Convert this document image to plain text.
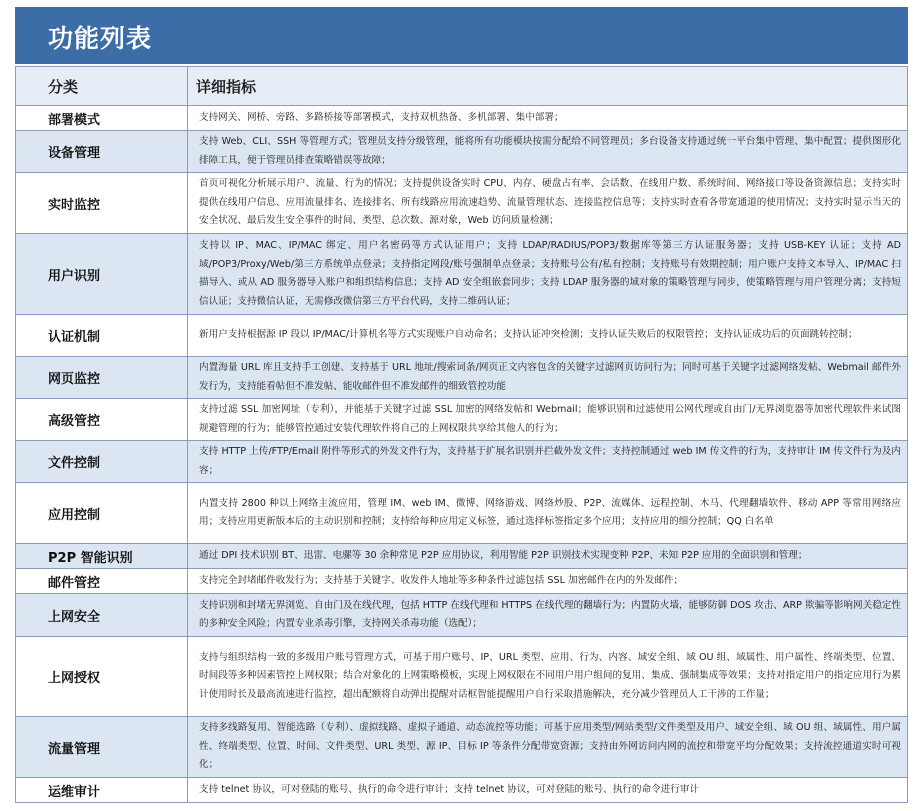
功能列表
分类	详细指标
部署模式	支持网关、网桥、旁路、多路桥接等部署模式，支持双机热备、多机部署、集中部署；
设备管理	支持 Web、CLI、SSH 等管理方式；管理员支持分级管理，能将所有功能模块按需分配给不同管理员；多台设备支持通过统一平台集中管理、集中配置；提供图形化排障工具，便于管理员排查策略错误等故障；
实时监控	首页可视化分析展示用户、流量、行为的情况；支持提供设备实时 CPU、内存、硬盘占有率、会话数、在线用户数、系统时间、网络接口等设备资源信息；支持实时提供在线用户信息、应用流量排名、连接排名、所有线路应用流速趋势、流量管理状态、连接监控信息等；支持实时查看各带宽通道的使用情况；支持实时显示当天的安全状况、最后发生安全事件的时间、类型、总次数、源对象，Web 访问质量检测；
用户识别	支持以 IP、MAC、IP/MAC 绑定、用户名密码等方式认证用户；支持 LDAP/RADIUS/POP3/数据库等第三方认证服务器；支持 USB-KEY 认证；支持 AD 域/POP3/Proxy/Web/第三方系统单点登录；支持指定网段/账号强制单点登录；支持账号公有/私有控制；支持账号有效期控制；用户账户支持文本导入、IP/MAC 扫描导入、或从 AD 服务器导入账户和组织结构信息；支持 AD 安全组嵌套同步；支持 LDAP 服务器的域对象的策略管理与同步，使策略管理与用户管理分离；支持短信认证；支持微信认证，无需修改微信第三方平台代码，支持二维码认证；
认证机制	新用户支持根据源 IP 段以 IP/MAC/计算机名等方式实现账户自动命名；支持认证冲突检测；支持认证失败后的权限管控；支持认证成功后的页面跳转控制；
网页监控	内置海量 URL 库且支持手工创建、支持基于 URL 地址/搜索词条/网页正文内容包含的关键字过滤网页访问行为；同时可基于关键字过滤网络发帖、Webmail 邮件外发行为，支持能看帖但不准发帖、能收邮件但不准发邮件的细致管控功能
高级管控	支持过滤 SSL 加密网址（专利），并能基于关键字过滤 SSL 加密的网络发帖和 Webmail；能够识别和过滤使用公网代理或自由门/无界浏览器等加密代理软件来试图规避管理的行为；能够管控通过安装代理软件将自己的上网权限共享给其他人的行为；
文件控制	支持 HTTP 上传/FTP/Email 附件等形式的外发文件行为，支持基于扩展名识别并拦截外发文件；支持控制通过 web IM 传文件的行为，支持审计 IM 传文件行为及内容；
应用控制	内置支持 2800 种以上网络主流应用，管理 IM、web IM、微博、网络游戏、网络炒股、P2P、流媒体、远程控制、木马、代理翻墙软件、移动 APP 等常用网络应用；支持应用更新版本后的主动识别和控制；支持给每种应用定义标签，通过选择标签指定多个应用；支持应用的细分控制；QQ 白名单
P2P 智能识别	通过 DPI 技术识别 BT、迅雷、电骡等 30 余种常见 P2P 应用协议，利用智能 P2P 识别技术实现变种 P2P、未知 P2P 应用的全面识别和管理；
邮件管控	支持完全封堵邮件收发行为；支持基于关键字、收发件人地址等多种条件过滤包括 SSL 加密邮件在内的外发邮件；
上网安全	支持识别和封堵无界浏览、自由门及在线代理，包括 HTTP 在线代理和 HTTPS 在线代理的翻墙行为；内置防火墙，能够防御 DOS 攻击、ARP 欺骗等影响网关稳定性的多种安全风险；内置专业杀毒引擎，支持网关杀毒功能（选配）；
上网授权	支持与组织结构一致的多级用户账号管理方式，可基于用户账号、IP、URL 类型、应用、行为、内容、域安全组、域 OU 组、域属性、用户属性、终端类型、位置、时间段等多种因素管控上网权限；结合对象化的上网策略模板，实现上网权限在不同用户用户组间的复用、集成、强制集成等效果；支持对指定用户的指定应用行为累计使用时长及最高流速进行监控，超出配额将自动弹出提醒对话框智能提醒用户自行采取措施解决，充分减少管理员人工干涉的工作量；
流量管理	支持多线路复用、智能选路（专利）、虚拟线路、虚拟子通道、动态流控等功能；可基于应用类型/网站类型/文件类型及用户、域安全组、域 OU 组、域属性、用户属性、终端类型、位置、时间、文件类型、URL 类型、源 IP、目标 IP 等条件分配带宽资源；支持由外网访问内网的流控和带宽平均分配效果；支持流控通道实时可视化；
运维审计	支持 telnet 协议，可对登陆的账号、执行的命令进行审计；支持 telnet 协议，可对登陆的账号、执行的命令进行审计
